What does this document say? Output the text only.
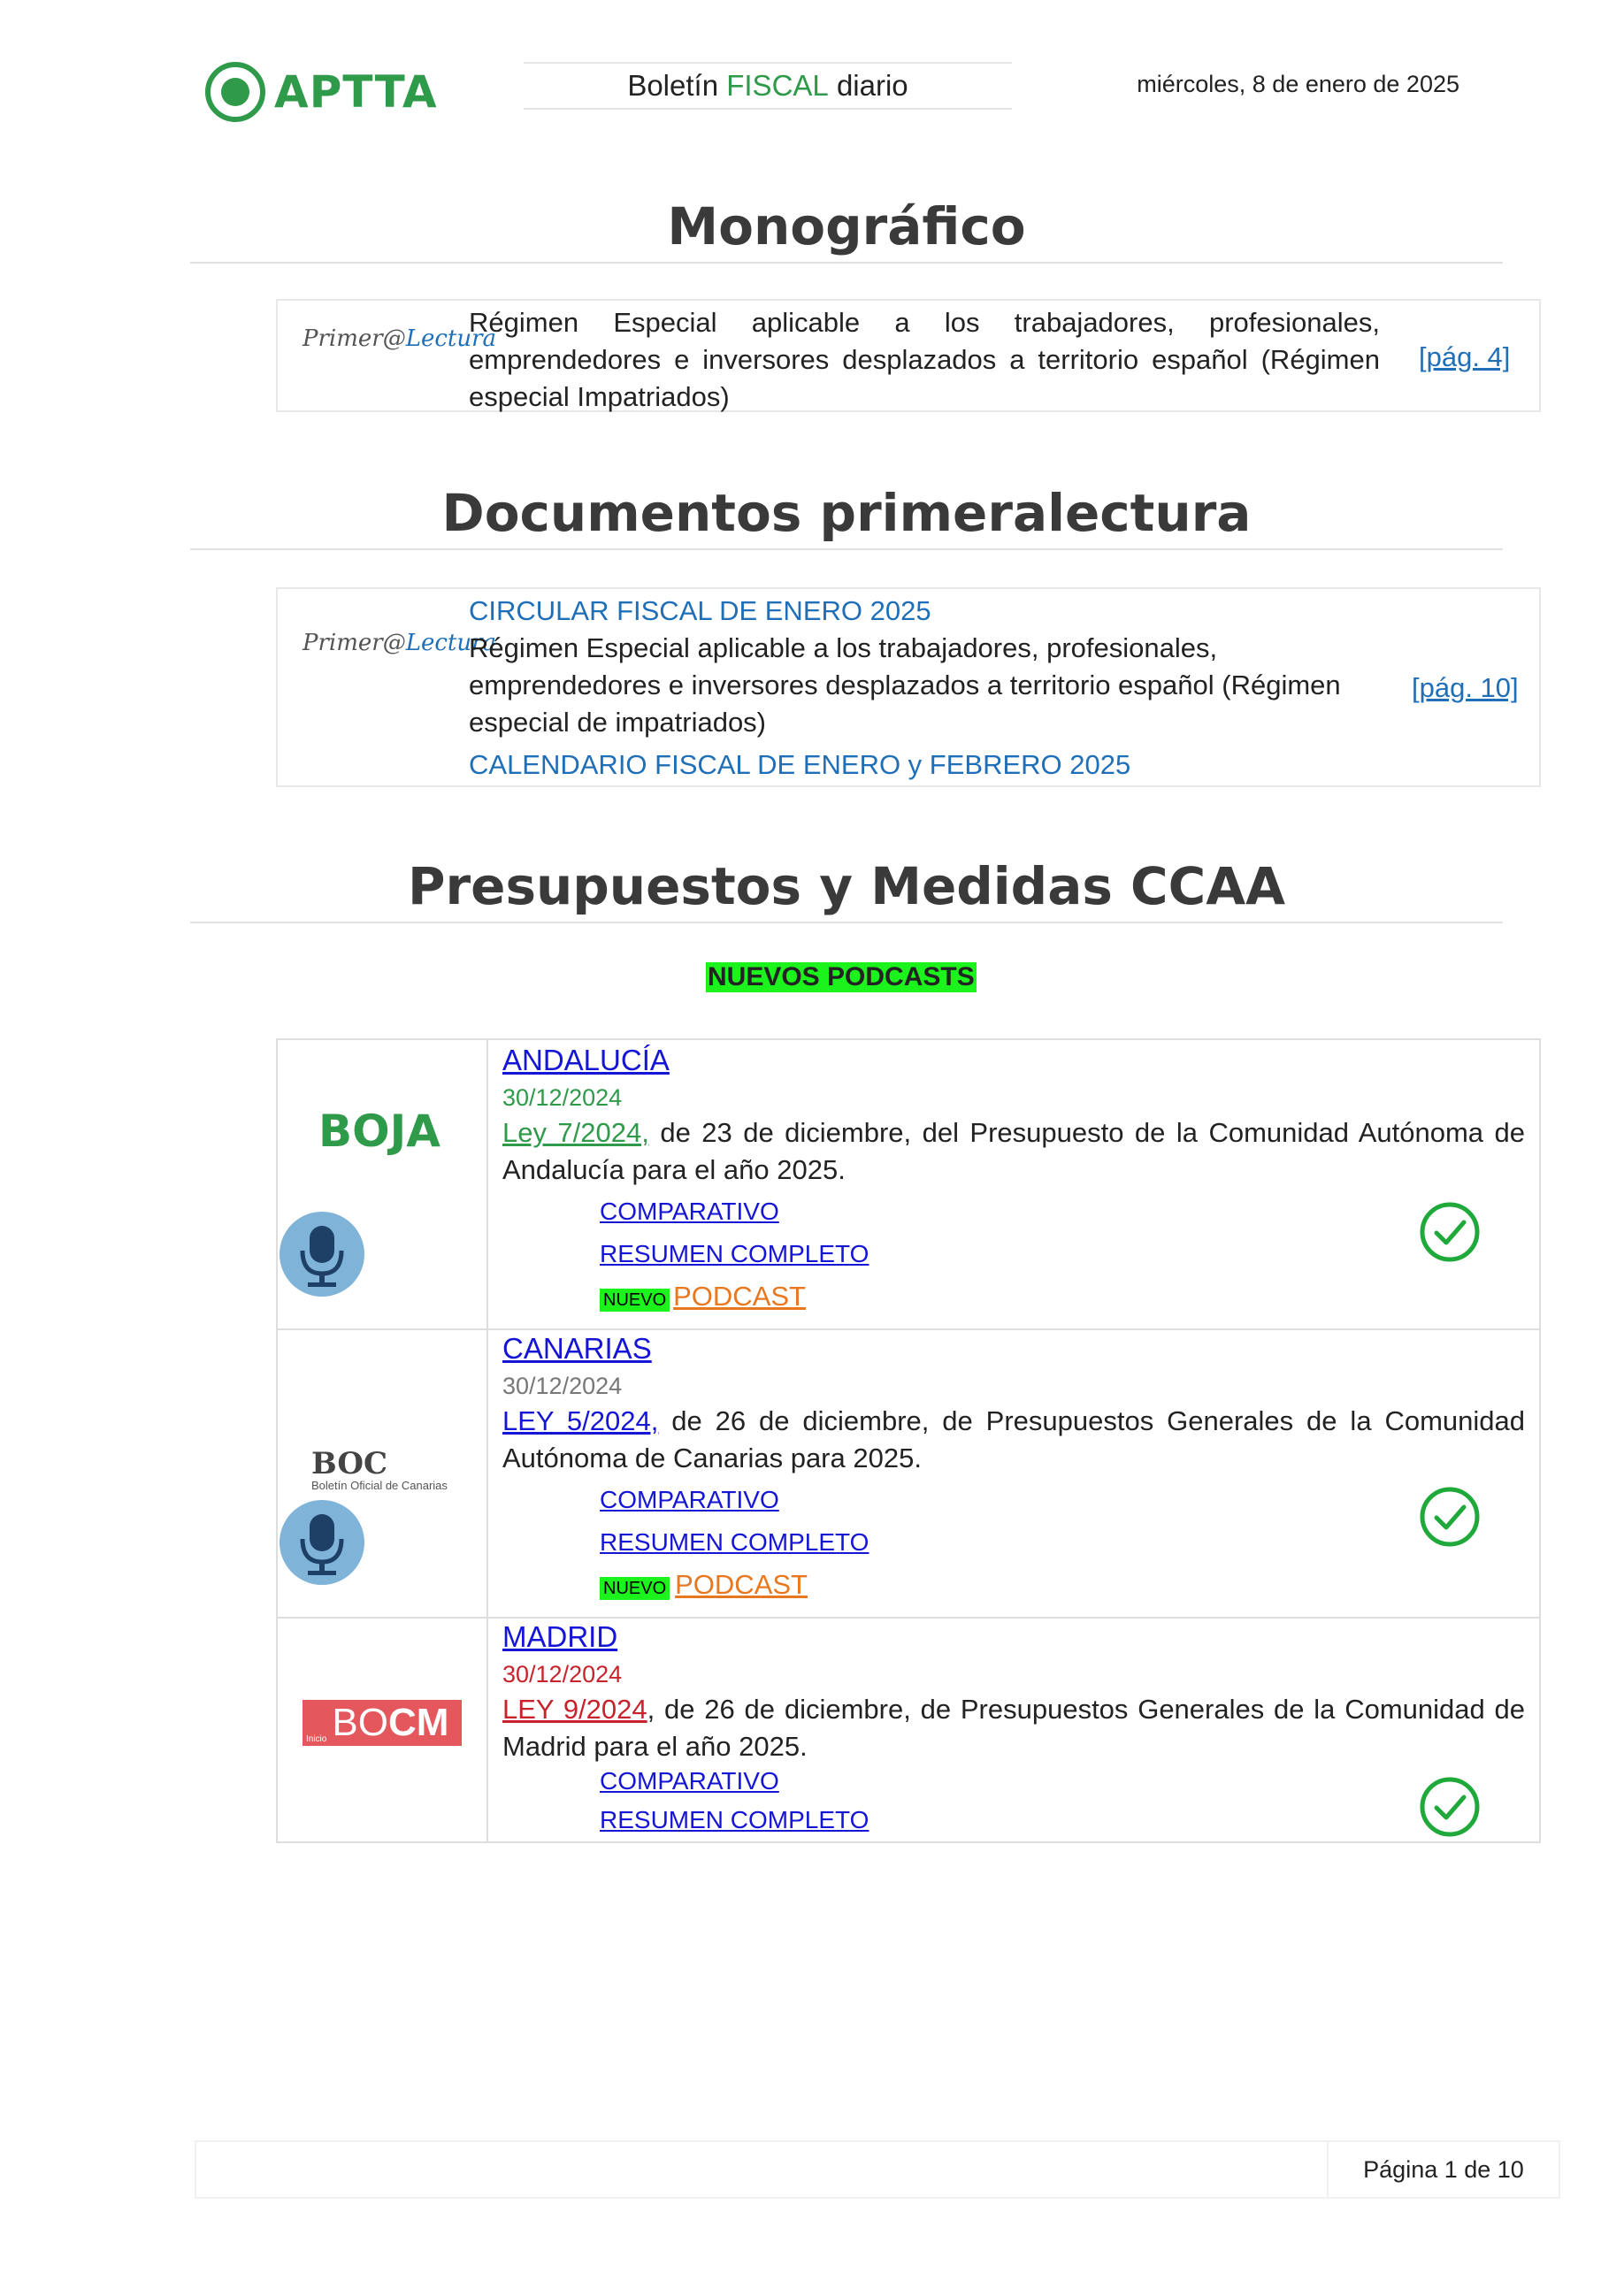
APTTA	Boletín FISCAL diario	miércoles, 8 de enero de 2025
Monográfico
Primer@Lectura
Régimen Especial aplicable a los trabajadores, profesionales, emprendedores e inversores desplazados a territorio español (Régimen especial Impatriados)
[pág. 4]
Documentos primeralectura
Primer@Lectura
CIRCULAR FISCAL DE ENERO 2025
Régimen Especial aplicable a los trabajadores, profesionales, emprendedores e inversores desplazados a territorio español (Régimen especial de impatriados)
CALENDARIO FISCAL DE ENERO y FEBRERO 2025
[pág. 10]
Presupuestos y Medidas CCAA
NUEVOS PODCASTS
BOJA
ANDALUCÍA
30/12/2024
Ley 7/2024, de 23 de diciembre, del Presupuesto de la Comunidad Autónoma de Andalucía para el año 2025.
COMPARATIVO
RESUMEN COMPLETO
NUEVO PODCAST
BOC
Boletín Oficial de Canarias
CANARIAS
30/12/2024
LEY 5/2024, de 26 de diciembre, de Presupuestos Generales de la Comunidad Autónoma de Canarias para 2025.
COMPARATIVO
RESUMEN COMPLETO
NUEVO PODCAST
Inicio BO CM
MADRID
30/12/2024
LEY 9/2024, de 26 de diciembre, de Presupuestos Generales de la Comunidad de Madrid para el año 2025.
COMPARATIVO
RESUMEN COMPLETO
Página 1 de 10
